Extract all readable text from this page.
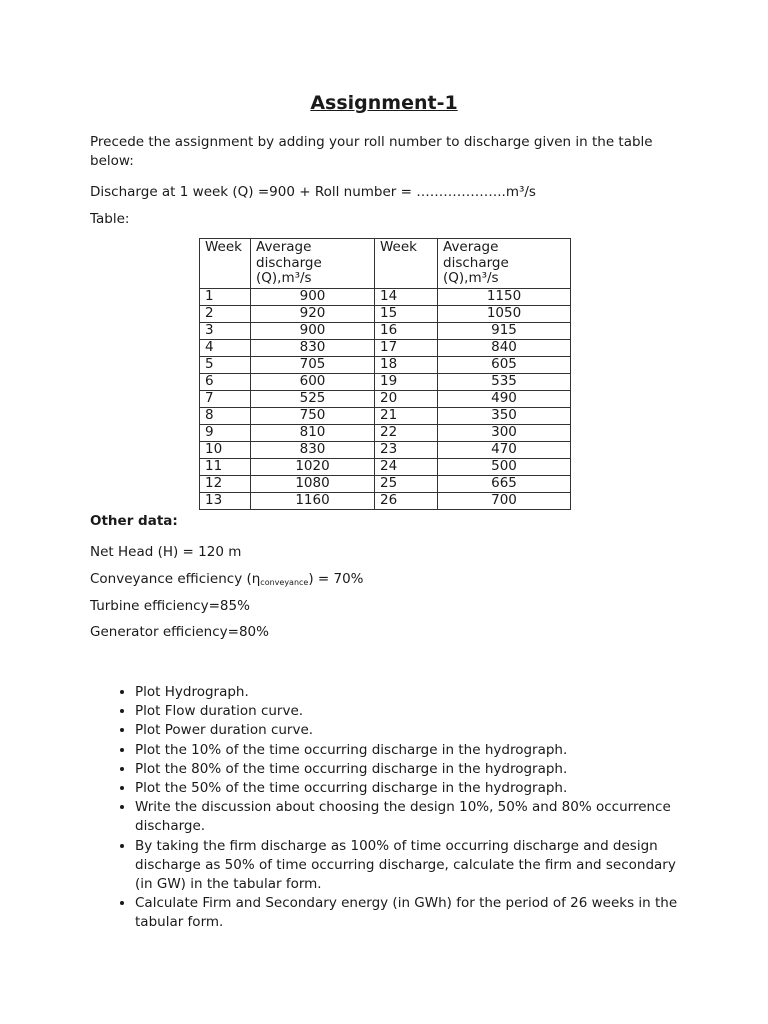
Assignment-1

Precede the assignment by adding your roll number to discharge given in the table below:

Discharge at 1 week (Q) =900 + Roll number = ………………..m³/s

Table:

Week	Average discharge (Q),m³/s	Week	Average discharge (Q),m³/s
1	900	14	1150
2	920	15	1050
3	900	16	915
4	830	17	840
5	705	18	605
6	600	19	535
7	525	20	490
8	750	21	350
9	810	22	300
10	830	23	470
11	1020	24	500
12	1080	25	665
13	1160	26	700

Other data:

Net Head (H) = 120 m

Conveyance efficiency $(\eta_{conveyance}) = 70\%$

Turbine efficiency=85%

Generator efficiency=80%

• Plot Hydrograph.
• Plot Flow duration curve.
• Plot Power duration curve.
• Plot the 10% of the time occurring discharge in the hydrograph.
• Plot the 80% of the time occurring discharge in the hydrograph.
• Plot the 50% of the time occurring discharge in the hydrograph.
• Write the discussion about choosing the design 10%, 50% and 80% occurrence discharge.
• By taking the firm discharge as 100% of time occurring discharge and design discharge as 50% of time occurring discharge, calculate the firm and secondary (in GW) in the tabular form.
• Calculate Firm and Secondary energy (in GWh) for the period of 26 weeks in the tabular form.
